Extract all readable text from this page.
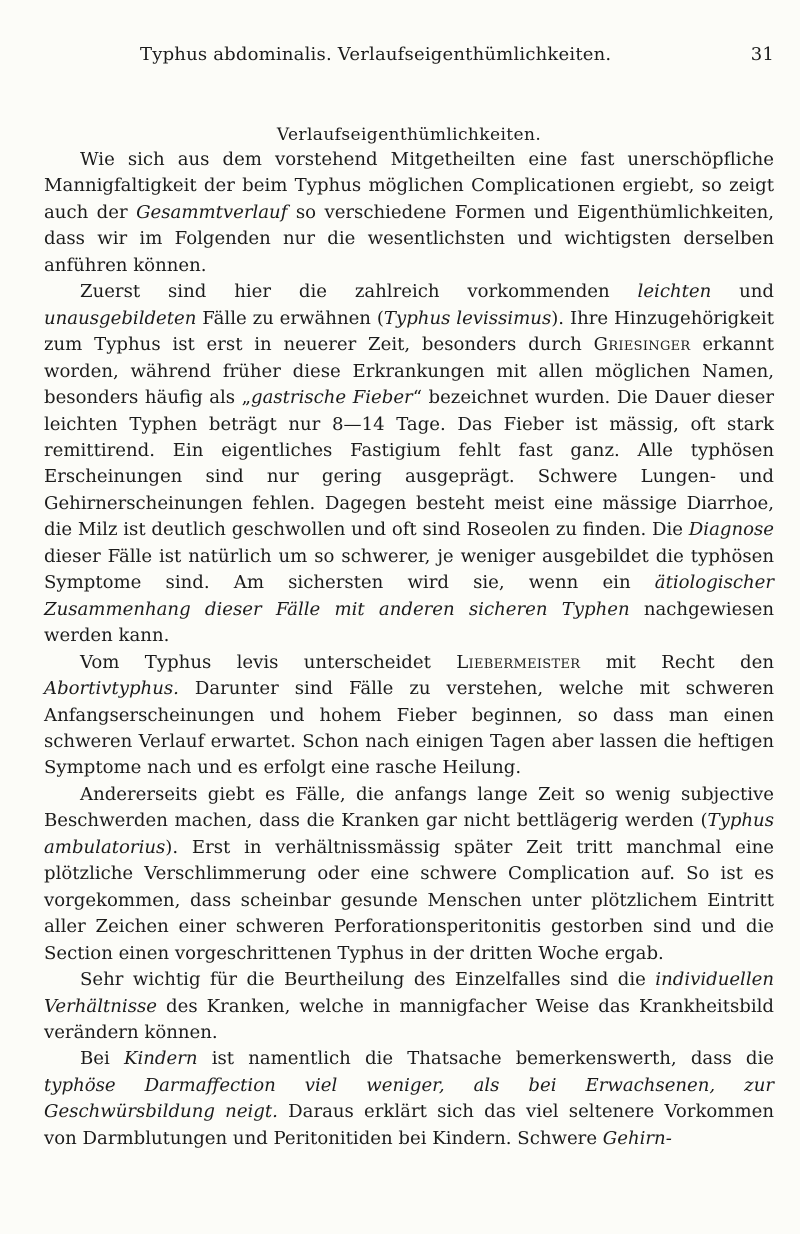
Typhus abdominalis. Verlaufseigenthümlichkeiten.	31
Verlaufseigenthümlichkeiten.

Wie sich aus dem vorstehend Mitgetheilten eine fast unerschöpfliche Mannigfaltigkeit der beim Typhus möglichen Complicationen ergiebt, so zeigt auch der Gesammtverlauf so verschiedene Formen und Eigenthümlichkeiten, dass wir im Folgenden nur die wesentlichsten und wichtigsten derselben anführen können.

Zuerst sind hier die zahlreich vorkommenden leichten und unausgebildeten Fälle zu erwähnen (Typhus levissimus). Ihre Hinzugehörigkeit zum Typhus ist erst in neuerer Zeit, besonders durch Griesinger erkannt worden, während früher diese Erkrankungen mit allen möglichen Namen, besonders häufig als „gastrische Fieber“ bezeichnet wurden. Die Dauer dieser leichten Typhen beträgt nur 8—14 Tage. Das Fieber ist mässig, oft stark remittirend. Ein eigentliches Fastigium fehlt fast ganz. Alle typhösen Erscheinungen sind nur gering ausgeprägt. Schwere Lungen- und Gehirnerscheinungen fehlen. Dagegen besteht meist eine mässige Diarrhoe, die Milz ist deutlich geschwollen und oft sind Roseolen zu finden. Die Diagnose dieser Fälle ist natürlich um so schwerer, je weniger ausgebildet die typhösen Symptome sind. Am sichersten wird sie, wenn ein ätiologischer Zusammenhang dieser Fälle mit anderen sicheren Typhen nachgewiesen werden kann.

Vom Typhus levis unterscheidet Liebermeister mit Recht den Abortivtyphus. Darunter sind Fälle zu verstehen, welche mit schweren Anfangserscheinungen und hohem Fieber beginnen, so dass man einen schweren Verlauf erwartet. Schon nach einigen Tagen aber lassen die heftigen Symptome nach und es erfolgt eine rasche Heilung.

Andererseits giebt es Fälle, die anfangs lange Zeit so wenig subjective Beschwerden machen, dass die Kranken gar nicht bettlägerig werden (Typhus ambulatorius). Erst in verhältnissmässig später Zeit tritt manchmal eine plötzliche Verschlimmerung oder eine schwere Complication auf. So ist es vorgekommen, dass scheinbar gesunde Menschen unter plötzlichem Eintritt aller Zeichen einer schweren Perforationsperitonitis gestorben sind und die Section einen vorgeschrittenen Typhus in der dritten Woche ergab.

Sehr wichtig für die Beurtheilung des Einzelfalles sind die individuellen Verhältnisse des Kranken, welche in mannigfacher Weise das Krankheitsbild verändern können.

Bei Kindern ist namentlich die Thatsache bemerkenswerth, dass die typhöse Darmaffection viel weniger, als bei Erwachsenen, zur Geschwürsbildung neigt. Daraus erklärt sich das viel seltenere Vorkommen von Darmblutungen und Peritonitiden bei Kindern. Schwere Gehirn-
